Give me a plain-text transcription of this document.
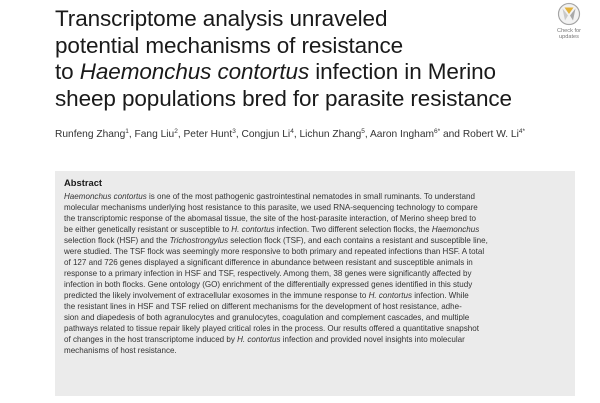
Transcriptome analysis unraveled
potential mechanisms of resistance
to Haemonchus contortus infection in Merino
sheep populations bred for parasite resistance
Check for
updates

Runfeng Zhang$^1$, Fang Liu$^2$, Peter Hunt$^3$, Congjun Li$^4$, Lichun Zhang$^5$, Aaron Ingham$^{6*}$ and Robert W. $Li^{4*}$

Abstract

Haemonchus contortus is one of the most pathogenic gastrointestinal nematodes in small ruminants. To understand
molecular mechanisms underlying host resistance to this parasite, we used RNA-sequencing technology to compare
the transcriptomic response of the abomasal tissue, the site of the host-parasite interaction, of Merino sheep bred to
be either genetically resistant or susceptible to H. contortus infection. Two different selection flocks, the Haemonchus
selection flock (HSF) and the Trichostrongylus selection flock (TSF), and each contains a resistant and susceptible line,
were studied. The TSF flock was seemingly more responsive to both primary and repeated infections than HSF. A total
of 127 and 726 genes displayed a significant difference in abundance between resistant and susceptible animals in
response to a primary infection in HSF and TSF, respectively. Among them, 38 genes were significantly affected by
infection in both flocks. Gene ontology (GO) enrichment of the differentially expressed genes identified in this study
predicted the likely involvement of extracellular exosomes in the immune response to H. contortus infection. While
the resistant lines in HSF and TSF relied on different mechanisms for the development of host resistance, adhe-
sion and diapedesis of both agranulocytes and granulocytes, coagulation and complement cascades, and multiple
pathways related to tissue repair likely played critical roles in the process. Our results offered a quantitative snapshot
of changes in the host transcriptome induced by H. contortus infection and provided novel insights into molecular
mechanisms of host resistance.
